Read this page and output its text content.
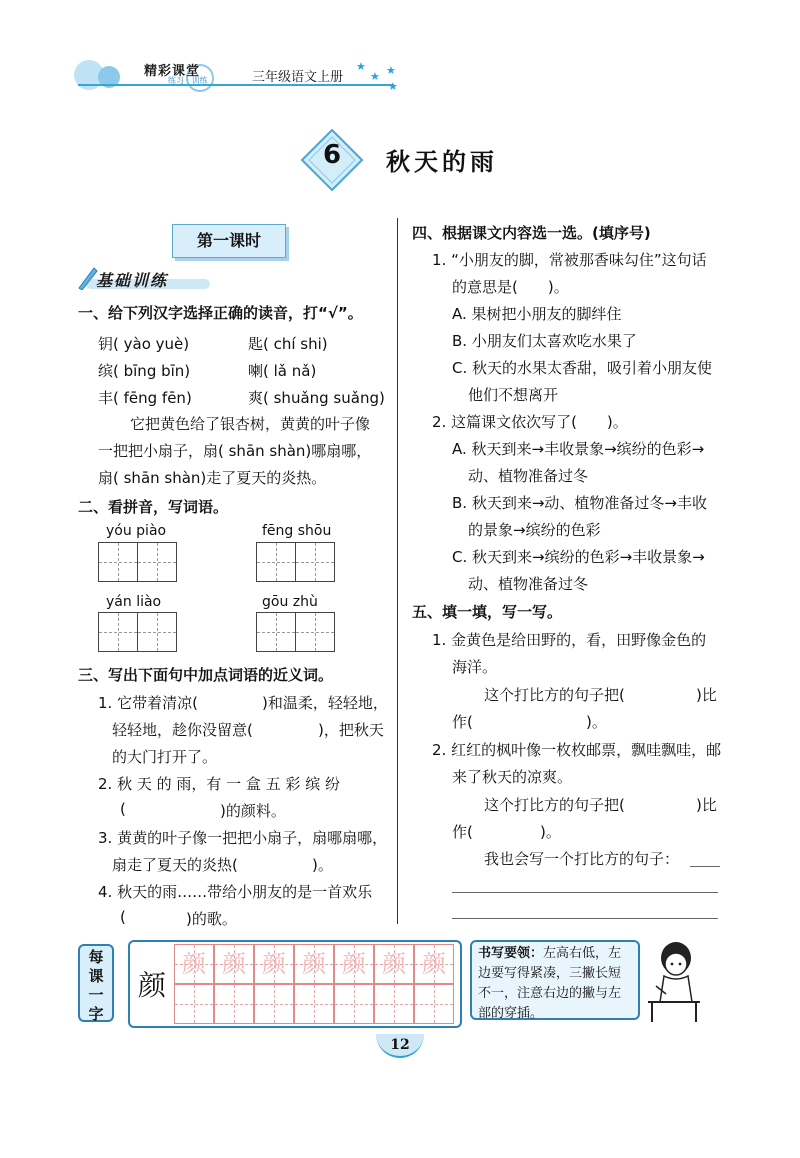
精彩课堂
练习 · 训练	三年级语文上册
★
★ ★
★
6	秋天的雨
第一课时
基础训练
一、给下列汉字选择正确的读音，打“√”。
钥( yào yuè)	匙( chí shi)
缤( bīng bīn)	喇( lǎ nǎ)
丰( fēng fēn)	爽( shuǎng suǎng)
它把黄色给了银杏树，黄黄的叶子像
一把把小扇子，扇( shān shàn)哪扇哪，
扇( shān shàn)走了夏天的炎热。
二、看拼音，写词语。
yóu piào	fēng shōu
yán liào	gōu zhù
三、写出下面句中加点词语的近义词。
1. 它带着清凉(	)和温柔，轻轻地，
轻轻地，趁你没留意(	)，把秋天
的大门打开了。
2. 秋 天 的 雨，有 一 盒 五 彩 缤 纷
(	)的颜料。
3. 黄黄的叶子像一把把小扇子，扇哪扇哪，
扇走了夏天的炎热(	)。
4. 秋天的雨……带给小朋友的是一首欢乐
(	)的歌。
四、根据课文内容选一选。(填序号)
1. “小朋友的脚，常被那香味勾住”这句话
的意思是(　　)。
A. 果树把小朋友的脚绊住
B. 小朋友们太喜欢吃水果了
C. 秋天的水果太香甜，吸引着小朋友使
他们不想离开
2. 这篇课文依次写了(　　)。
A. 秋天到来→丰收景象→缤纷的色彩→
动、植物准备过冬
B. 秋天到来→动、植物准备过冬→丰收
的景象→缤纷的色彩
C. 秋天到来→缤纷的色彩→丰收景象→
动、植物准备过冬
五、填一填，写一写。
1. 金黄色是给田野的，看，田野像金色的
海洋。
这个打比方的句子把(	)比
作(	)。
2. 红红的枫叶像一枚枚邮票，飘哇飘哇，邮
来了秋天的凉爽。
这个打比方的句子把(	)比
作(	)。
我也会写一个打比方的句子：
每
课
一
字
颜
颜 颜 颜 颜 颜 颜 颜	书写要领：左高右低，左边要写得紧凑，三撇长短不一，注意右边的撇与左部的穿插。
12
